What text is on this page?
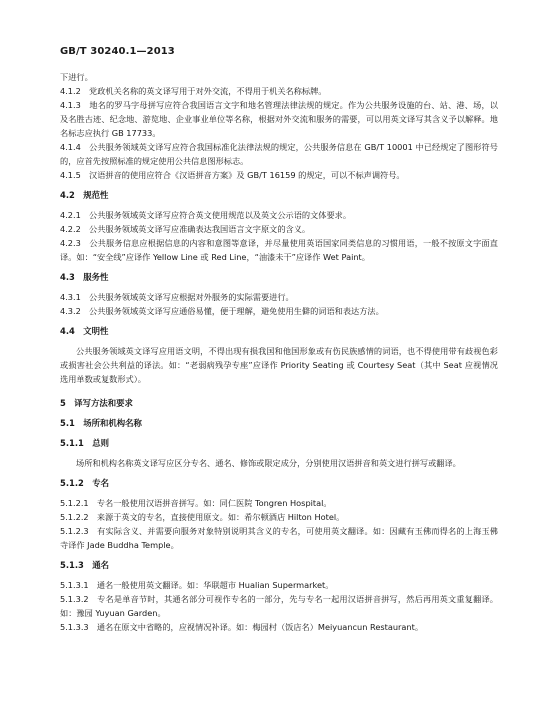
GB/T 30240.1—2013

下进行。

4.1.2　党政机关名称的英文译写用于对外交流，不得用于机关名称标牌。

4.1.3　地名的罗马字母拼写应符合我国语言文字和地名管理法律法规的规定。作为公共服务设施的台、站、港、场，以及名胜古迹、纪念地、游览地、企业事业单位等名称，根据对外交流和服务的需要，可以用英文译写其含义予以解释。地名标志应执行 GB 17733。

4.1.4　公共服务领域英文译写应符合我国标准化法律法规的规定，公共服务信息在 GB/T 10001 中已经规定了图形符号的，应首先按照标准的规定使用公共信息图形标志。

4.1.5　汉语拼音的使用应符合《汉语拼音方案》及 GB/T 16159 的规定，可以不标声调符号。

4.2　规范性

4.2.1　公共服务领域英文译写应符合英文使用规范以及英文公示语的文体要求。

4.2.2　公共服务领域英文译写应准确表达我国语言文字原文的含义。

4.2.3　公共服务信息应根据信息的内容和意图等意译，并尽量使用英语国家同类信息的习惯用语，一般不按原文字面直译。如：“安全线”应译作 Yellow Line 或 Red Line，“油漆未干”应译作 Wet Paint。

4.3　服务性

4.3.1　公共服务领域英文译写应根据对外服务的实际需要进行。

4.3.2　公共服务领域英文译写应通俗易懂，便于理解，避免使用生僻的词语和表达方法。

4.4　文明性

公共服务领域英文译写应用语文明，不得出现有损我国和他国形象或有伤民族感情的词语，也不得使用带有歧视色彩或损害社会公共利益的译法。如：“老弱病残孕专座”应译作 Priority Seating 或 Courtesy Seat（其中 Seat 应视情况选用单数或复数形式）。

5　译写方法和要求

5.1　场所和机构名称

5.1.1　总则

场所和机构名称英文译写应区分专名、通名、修饰或限定成分，分别使用汉语拼音和英文进行拼写或翻译。

5.1.2　专名

5.1.2.1　专名一般使用汉语拼音拼写。如：同仁医院 Tongren Hospital。

5.1.2.2　来源于英文的专名，直接使用原文。如：希尔顿酒店 Hilton Hotel。

5.1.2.3　有实际含义、并需要向服务对象特别说明其含义的专名，可使用英文翻译。如：因藏有玉佛而得名的上海玉佛寺译作 Jade Buddha Temple。

5.1.3　通名

5.1.3.1　通名一般使用英文翻译。如：华联超市 Hualian Supermarket。

5.1.3.2　专名是单音节时，其通名部分可视作专名的一部分，先与专名一起用汉语拼音拼写，然后再用英文重复翻译。如：豫园 Yuyuan Garden。

5.1.3.3　通名在原文中省略的，应视情况补译。如：梅园村（饭店名）Meiyuancun Restaurant。
